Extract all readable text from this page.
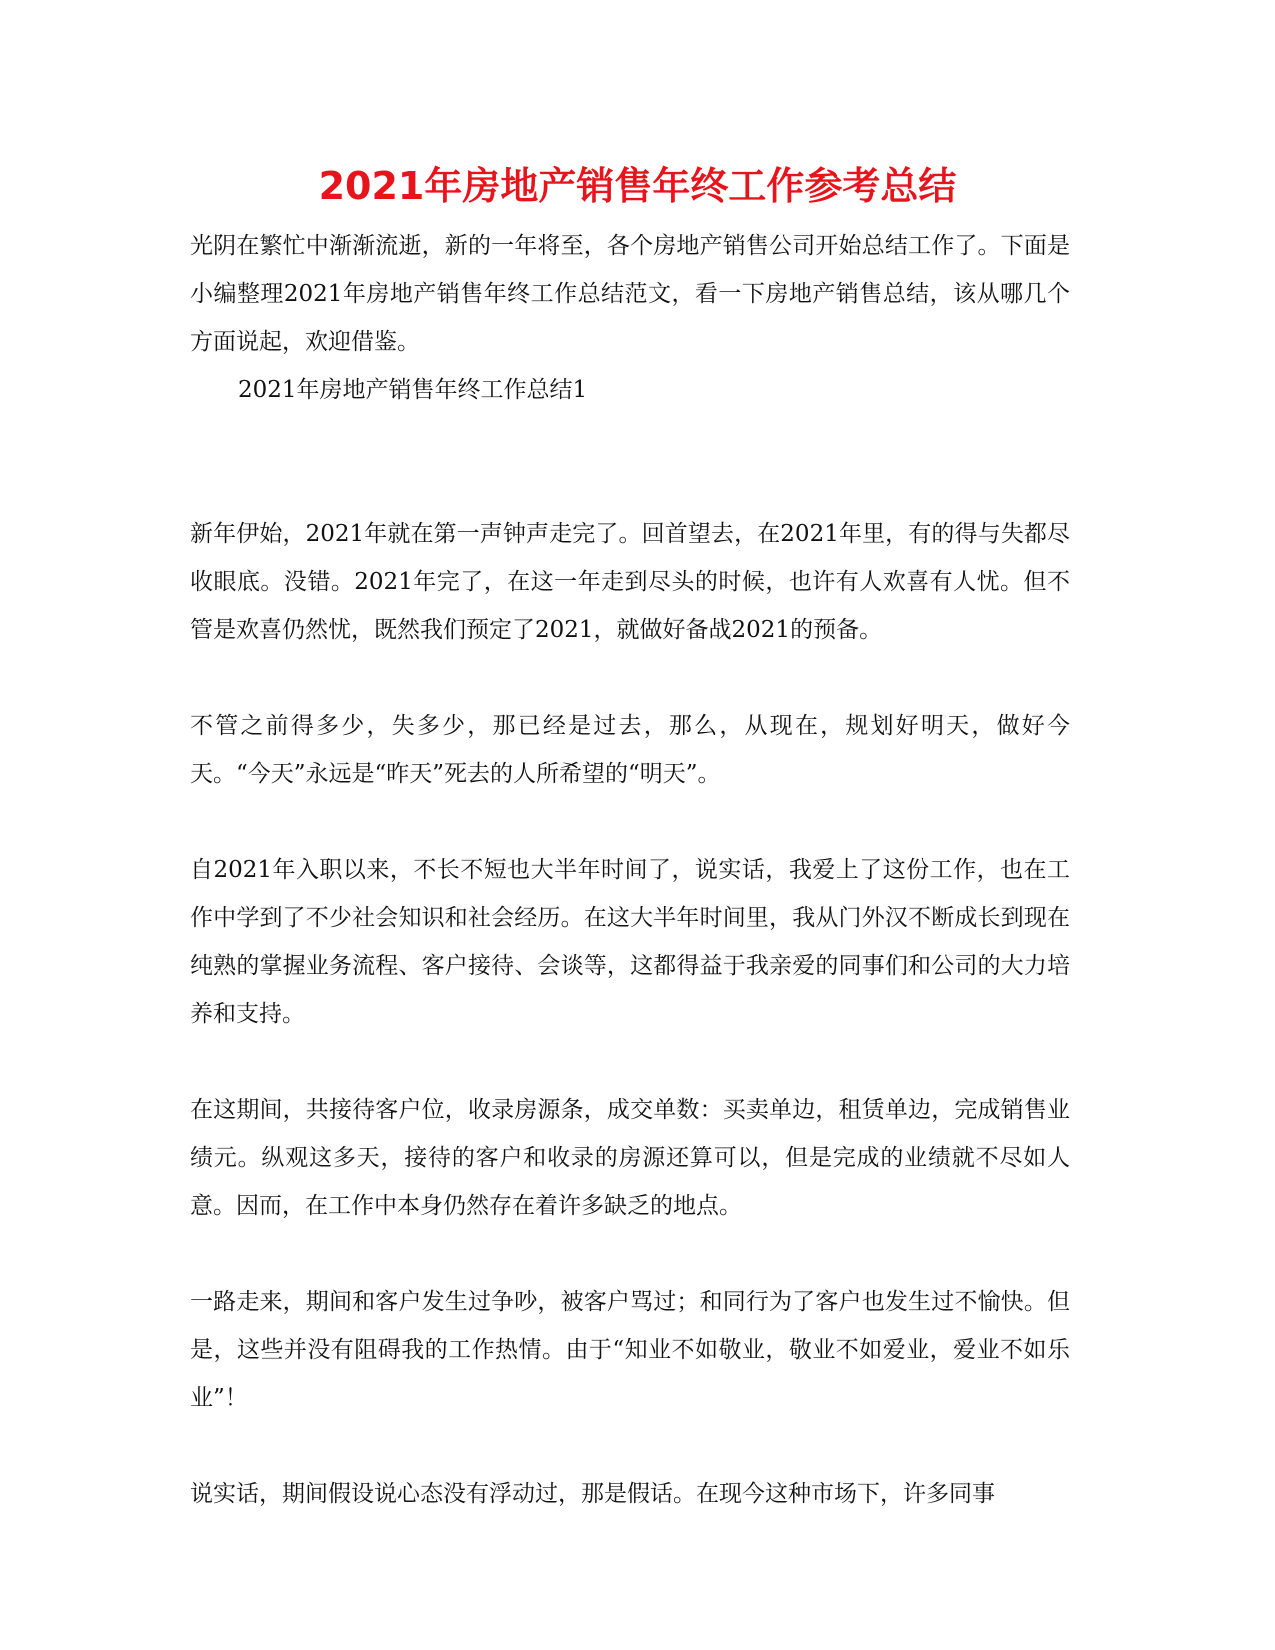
2021年房地产销售年终工作参考总结

光阴在繁忙中渐渐流逝，新的一年将至，各个房地产销售公司开始总结工作了。下面是小编整理2021年房地产销售年终工作总结范文，看一下房地产销售总结，该从哪几个方面说起，欢迎借鉴。

2021年房地产销售年终工作总结1

新年伊始，2021年就在第一声钟声走完了。回首望去，在2021年里，有的得与失都尽收眼底。没错。2021年完了，在这一年走到尽头的时候，也许有人欢喜有人忧。但不管是欢喜仍然忧，既然我们预定了2021，就做好备战2021的预备。

不管之前得多少，失多少，那已经是过去，那么，从现在，规划好明天，做好今天。“今天”永远是“昨天”死去的人所希望的“明天”。

自2021年入职以来，不长不短也大半年时间了，说实话，我爱上了这份工作，也在工作中学到了不少社会知识和社会经历。在这大半年时间里，我从门外汉不断成长到现在纯熟的掌握业务流程、客户接待、会谈等，这都得益于我亲爱的同事们和公司的大力培养和支持。

在这期间，共接待客户位，收录房源条，成交单数：买卖单边，租赁单边，完成销售业绩元。纵观这多天，接待的客户和收录的房源还算可以，但是完成的业绩就不尽如人意。因而，在工作中本身仍然存在着许多缺乏的地点。

一路走来，期间和客户发生过争吵，被客户骂过；和同行为了客户也发生过不愉快。但是，这些并没有阻碍我的工作热情。由于“知业不如敬业，敬业不如爱业，爱业不如乐业”！

说实话，期间假设说心态没有浮动过，那是假话。在现今这种市场下，许多同事
